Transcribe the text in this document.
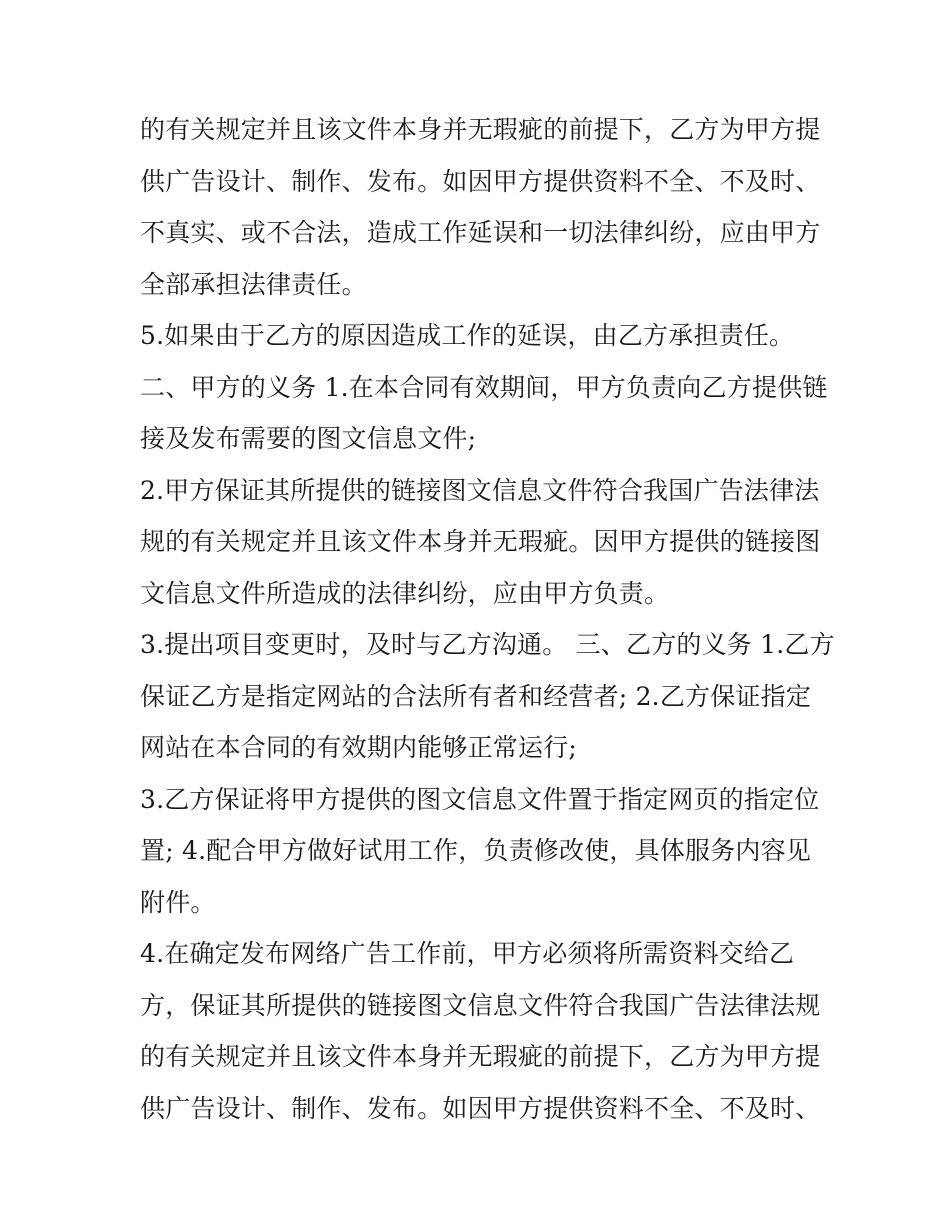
的有关规定并且该文件本身并无瑕疵的前提下，乙方为甲方提
供广告设计、制作、发布。如因甲方提供资料不全、不及时、
不真实、或不合法，造成工作延误和一切法律纠纷，应由甲方
全部承担法律责任。
5.如果由于乙方的原因造成工作的延误，由乙方承担责任。
二、甲方的义务 1.在本合同有效期间，甲方负责向乙方提供链
接及发布需要的图文信息文件;
2.甲方保证其所提供的链接图文信息文件符合我国广告法律法
规的有关规定并且该文件本身并无瑕疵。因甲方提供的链接图
文信息文件所造成的法律纠纷，应由甲方负责。
3.提出项目变更时，及时与乙方沟通。 三、乙方的义务 1.乙方
保证乙方是指定网站的合法所有者和经营者; 2.乙方保证指定
网站在本合同的有效期内能够正常运行;
3.乙方保证将甲方提供的图文信息文件置于指定网页的指定位
置; 4.配合甲方做好试用工作，负责修改使，具体服务内容见
附件。
4.在确定发布网络广告工作前，甲方必须将所需资料交给乙
方，保证其所提供的链接图文信息文件符合我国广告法律法规
的有关规定并且该文件本身并无瑕疵的前提下，乙方为甲方提
供广告设计、制作、发布。如因甲方提供资料不全、不及时、
